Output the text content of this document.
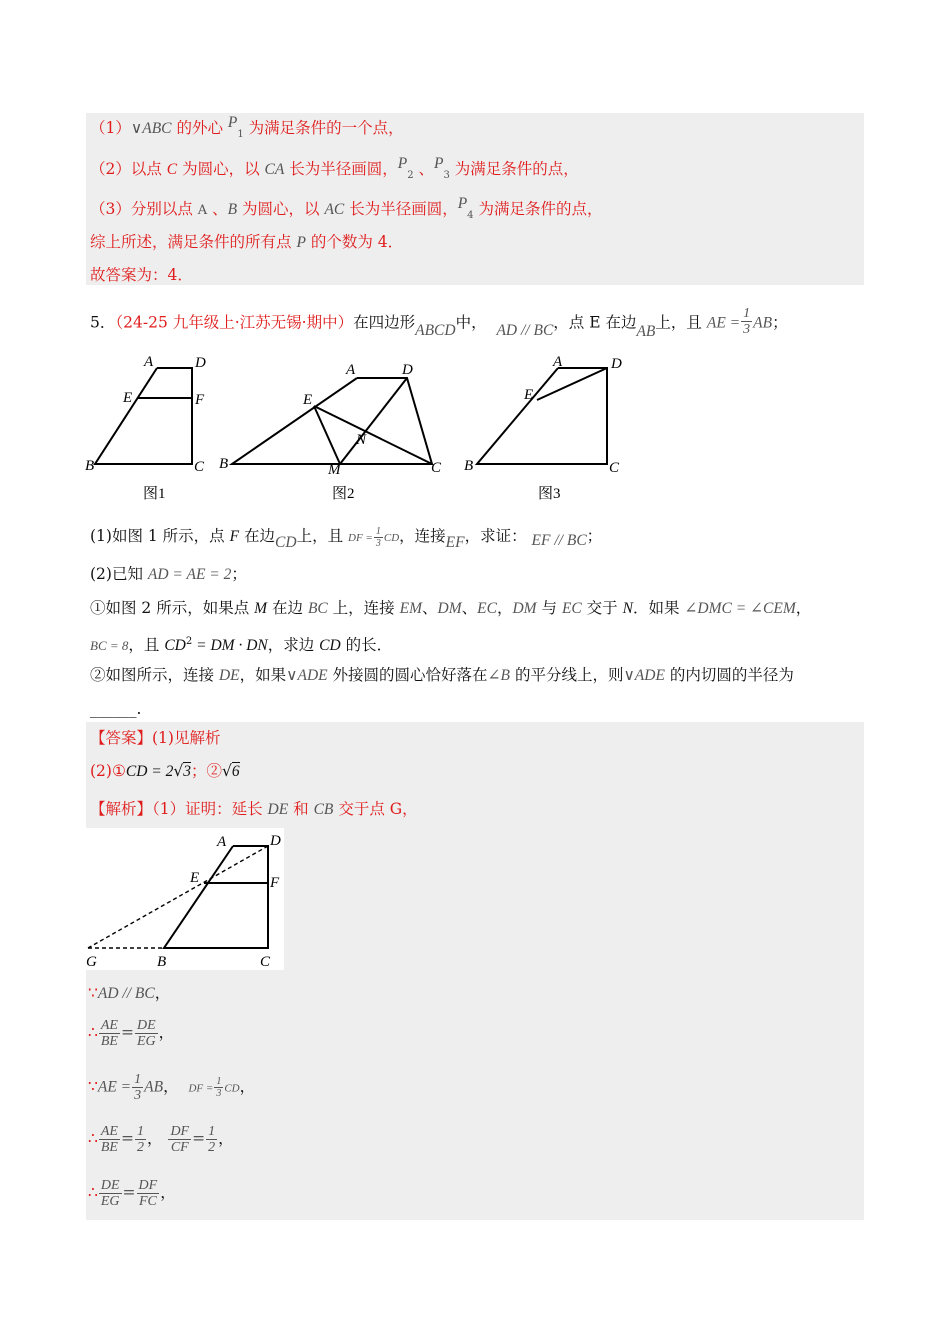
（1）∨ABC 的外心 $P_1$ 为满足条件的一个点，
（2）以点 C 为圆心，以 CA 长为半径画圆，$P_2$ 、$P_3$ 为满足条件的点，
（3）分别以点 A 、B 为圆心，以 AC 长为半径画圆，$P_4$ 为满足条件的点，
综上所述，满足条件的所有点 P 的个数为 4．
故答案为：4．
5．（24-25 九年级上·江苏无锡·期中）在四边形ABCD中， AD // BC，点 E 在边AB上，且 AE = $\frac{1}{3}$ AB；
A	D
E	F
B	C
图1
A	D
E
N
B	M	C
图2
A	D
E
B	C
图3
(1)如图 1 所示，点 F 在边CD上，且 DF = $\frac{1}{3}$ CD，连接EF，求证： EF // BC；
(2)已知 AD = AE = 2；
①如图 2 所示，如果点 M 在边 BC 上，连接 EM、DM、EC，DM 与 EC 交于 N．如果 ∠DMC = ∠CEM，
BC = 8，且 $CD^2$ = DM · DN，求边 CD 的长．
②如图所示，连接 DE，如果∨ADE 外接圆的圆心恰好落在∠B 的平分线上，则∨ADE 的内切圆的半径为
______.
【答案】(1)见解析
(2)①CD = 2√3；②√6
【解析】（1）证明：延长 DE 和 CB 交于点 G，
A	D
E	F
G	B	C
∵AD // BC，
∴ $\frac{AE}{BE} = \frac{DE}{EG}$ ，
∵AE = $\frac{1}{3}$ AB， DF = $\frac{1}{3}$ CD，
∴ $\frac{AE}{BE} = \frac{1}{2}$ ， $\frac{DF}{CF} = \frac{1}{2}$ ，
∴ $\frac{DE}{EG} = \frac{DF}{FC}$ ，
